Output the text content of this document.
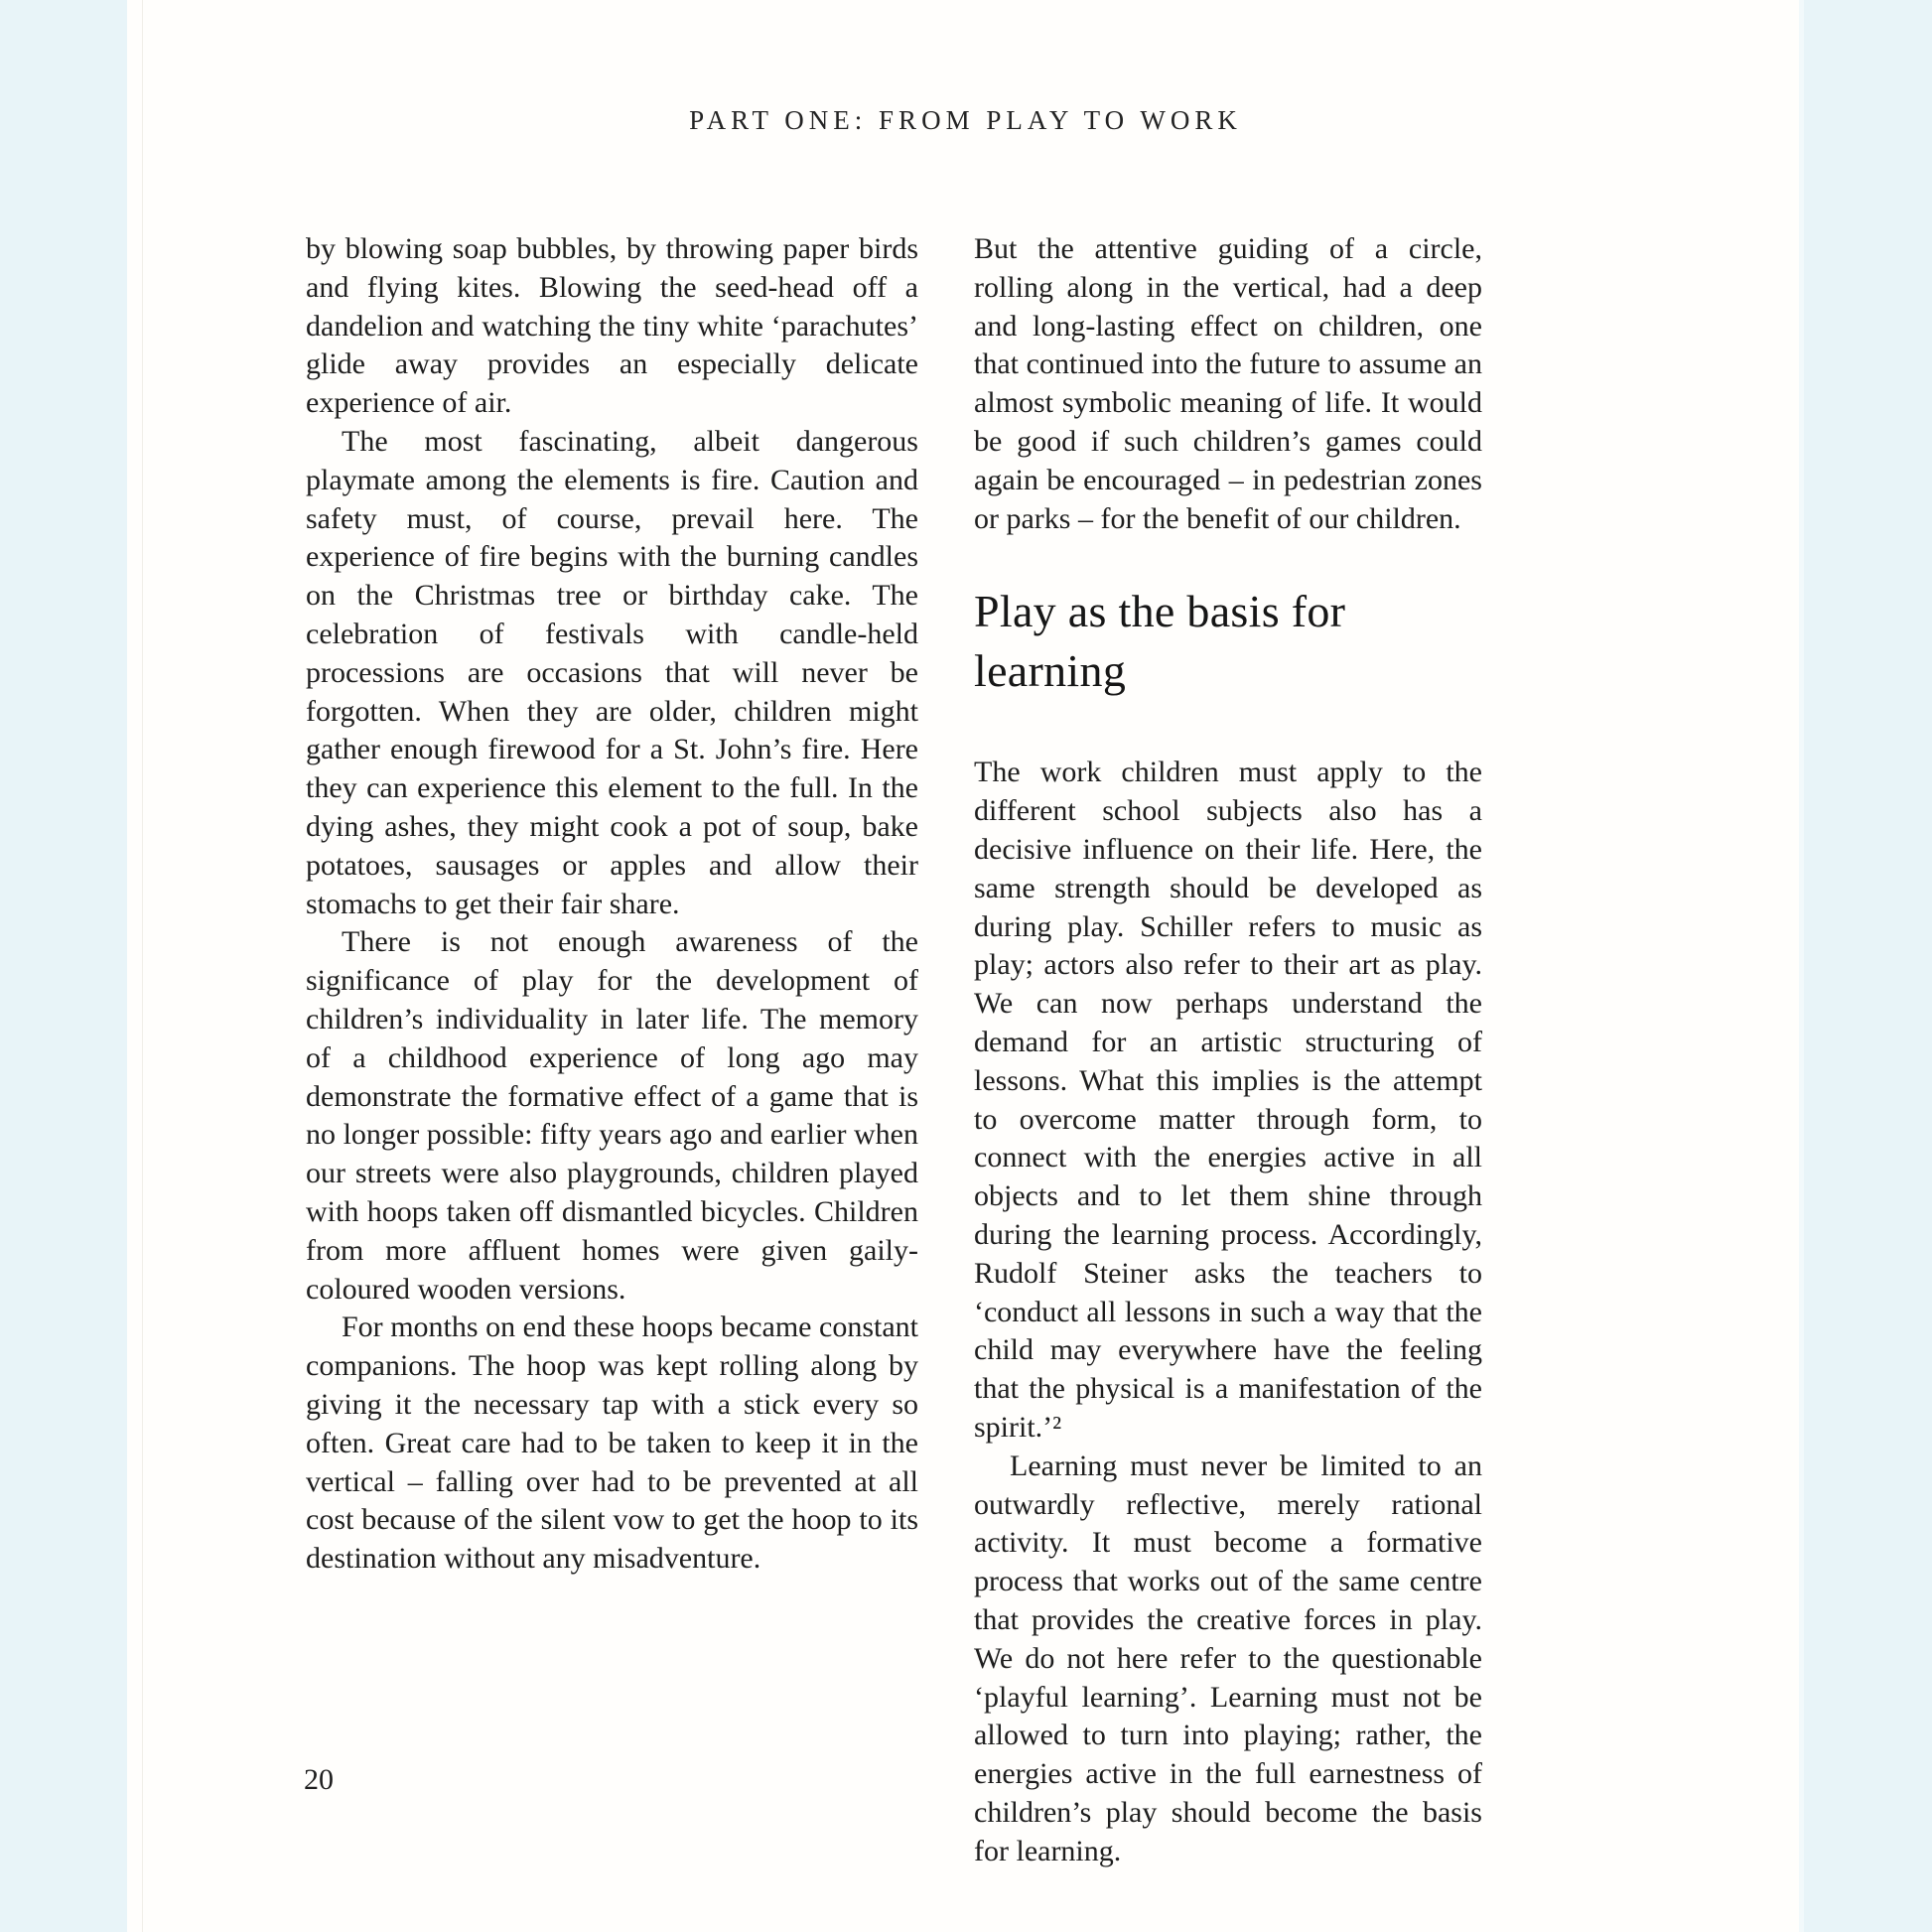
PART ONE: FROM PLAY TO WORK

by blowing soap bubbles, by throwing paper birds and flying kites. Blowing the seed-head off a dandelion and watching the tiny white ‘parachutes’ glide away provides an especially delicate experience of air.

The most fascinating, albeit dangerous playmate among the elements is fire. Caution and safety must, of course, prevail here. The experience of fire begins with the burning candles on the Christmas tree or birthday cake. The celebration of festivals with candle-held processions are occasions that will never be forgotten. When they are older, children might gather enough firewood for a St. John’s fire. Here they can experience this element to the full. In the dying ashes, they might cook a pot of soup, bake potatoes, sausages or apples and allow their stomachs to get their fair share.

There is not enough awareness of the significance of play for the development of children’s individuality in later life. The memory of a childhood experience of long ago may demonstrate the formative effect of a game that is no longer possible: fifty years ago and earlier when our streets were also playgrounds, children played with hoops taken off dismantled bicycles. Children from more affluent homes were given gaily-coloured wooden versions.

For months on end these hoops became constant companions. The hoop was kept rolling along by giving it the necessary tap with a stick every so often. Great care had to be taken to keep it in the vertical – falling over had to be prevented at all cost because of the silent vow to get the hoop to its destination without any misadventure.

But the attentive guiding of a circle, rolling along in the vertical, had a deep and long-lasting effect on children, one that continued into the future to assume an almost symbolic meaning of life. It would be good if such children’s games could again be encouraged – in pedestrian zones or parks – for the benefit of our children.

Play as the basis for learning

The work children must apply to the different school subjects also has a decisive influence on their life. Here, the same strength should be developed as during play. Schiller refers to music as play; actors also refer to their art as play. We can now perhaps understand the demand for an artistic structuring of lessons. What this implies is the attempt to overcome matter through form, to connect with the energies active in all objects and to let them shine through during the learning process. Accordingly, Rudolf Steiner asks the teachers to ‘conduct all lessons in such a way that the child may everywhere have the feeling that the physical is a manifestation of the spirit.’²

Learning must never be limited to an outwardly reflective, merely rational activity. It must become a formative process that works out of the same centre that provides the creative forces in play. We do not here refer to the questionable ‘playful learning’. Learning must not be allowed to turn into playing; rather, the energies active in the full earnestness of children’s play should become the basis for learning.

20
